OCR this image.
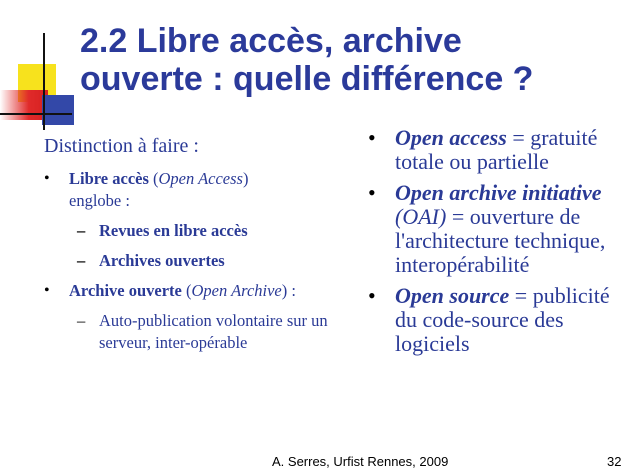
2.2 Libre accès, archive
ouverte : quelle différence ?
Distinction à faire :
• Libre accès (Open Access)
englobe :
– Revues en libre accès
– Archives ouvertes
• Archive ouverte (Open Archive) :
– Auto-publication volontaire sur un serveur, inter-opérable
• Open access = gratuité totale ou partielle
• Open archive initiative (OAI) = ouverture de l'architecture technique, interopérabilité
• Open source = publicité du code-source des logiciels
A. Serres, Urfist Rennes, 2009	32
